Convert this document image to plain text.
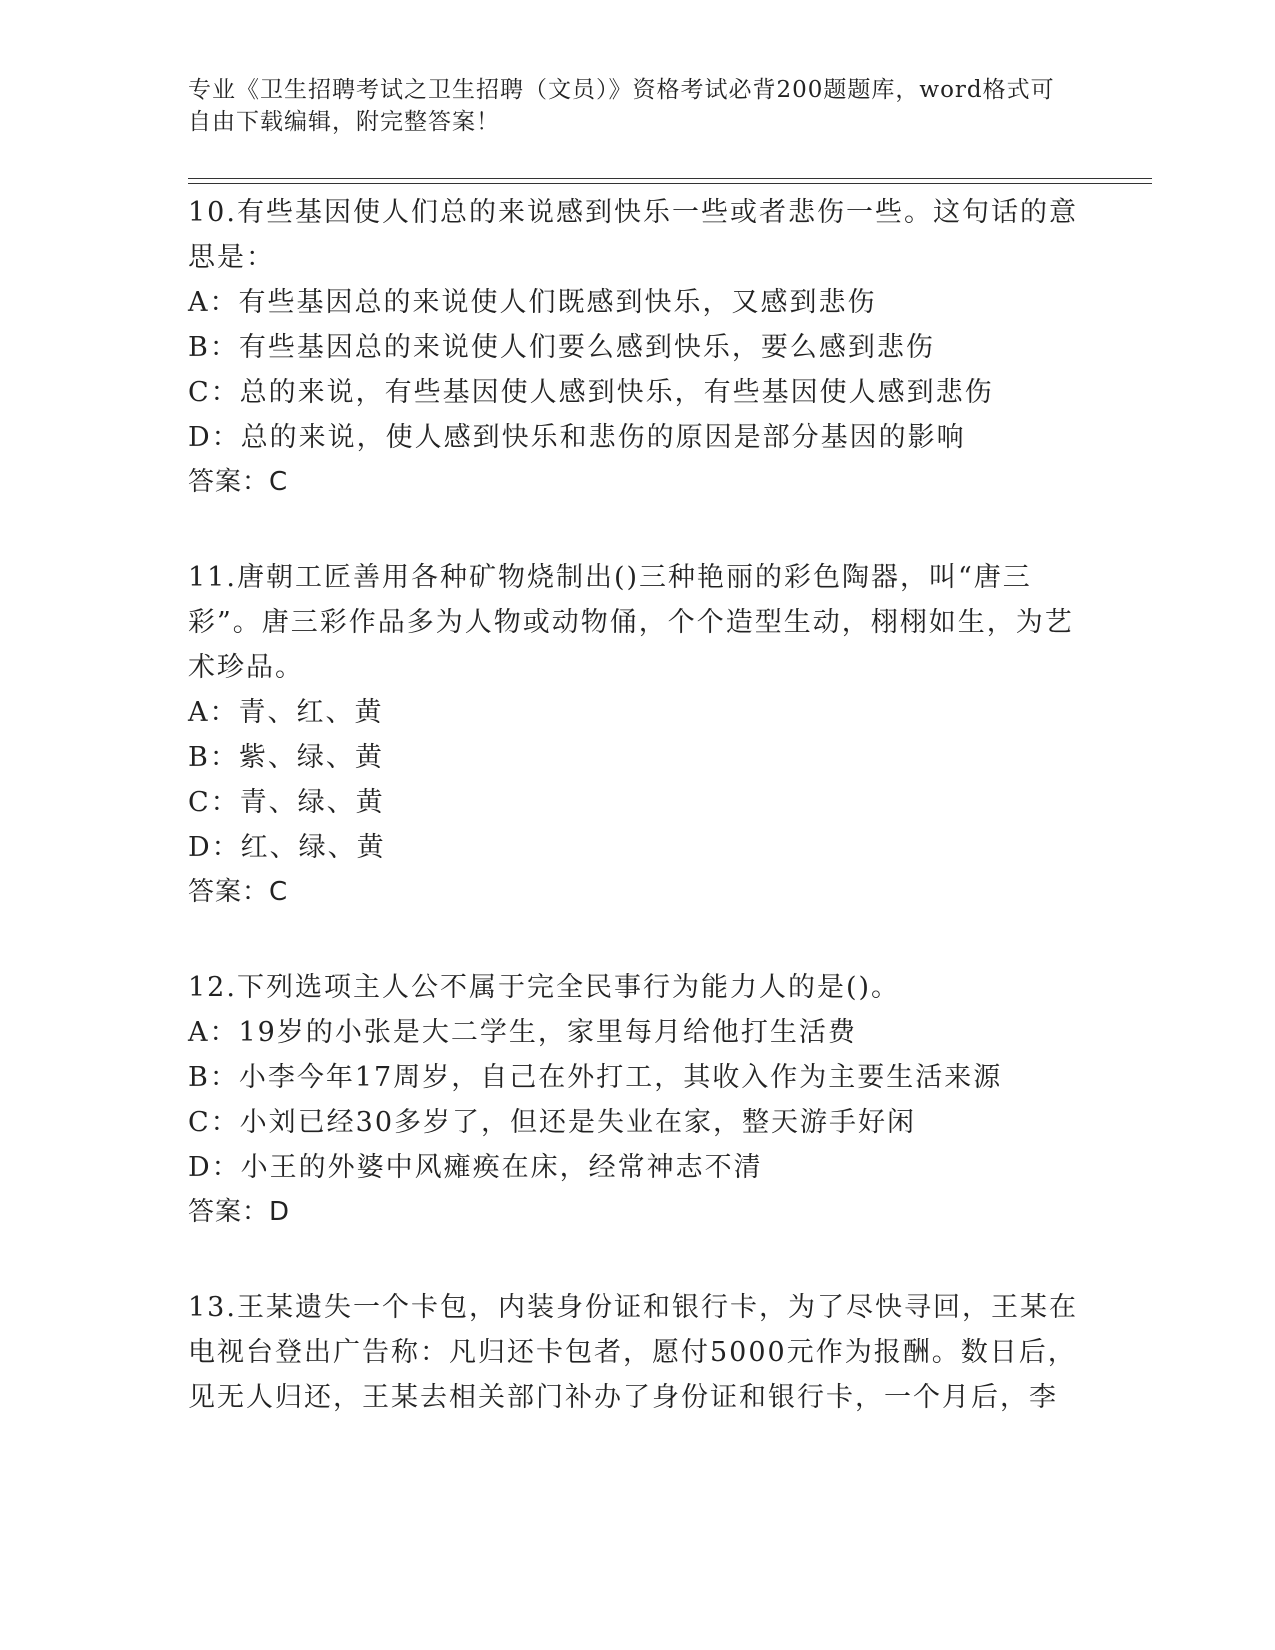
专业《卫生招聘考试之卫生招聘（文员）》资格考试必背200题题库，word格式可自由下载编辑，附完整答案！

10.有些基因使人们总的来说感到快乐一些或者悲伤一些。这句话的意思是：

A：有些基因总的来说使人们既感到快乐，又感到悲伤
B：有些基因总的来说使人们要么感到快乐，要么感到悲伤
C：总的来说，有些基因使人感到快乐，有些基因使人感到悲伤
D：总的来说，使人感到快乐和悲伤的原因是部分基因的影响
答案：C

11.唐朝工匠善用各种矿物烧制出()三种艳丽的彩色陶器，叫“唐三彩”。唐三彩作品多为人物或动物俑，个个造型生动，栩栩如生，为艺术珍品。

A：青、红、黄
B：紫、绿、黄
C：青、绿、黄
D：红、绿、黄
答案：C

12.下列选项主人公不属于完全民事行为能力人的是()。

A：19岁的小张是大二学生，家里每月给他打生活费
B：小李今年17周岁，自己在外打工，其收入作为主要生活来源
C：小刘已经30多岁了，但还是失业在家，整天游手好闲
D：小王的外婆中风瘫痪在床，经常神志不清
答案：D

13.王某遗失一个卡包，内装身份证和银行卡，为了尽快寻回，王某在电视台登出广告称：凡归还卡包者，愿付5000元作为报酬。数日后，见无人归还，王某去相关部门补办了身份证和银行卡，一个月后，李
